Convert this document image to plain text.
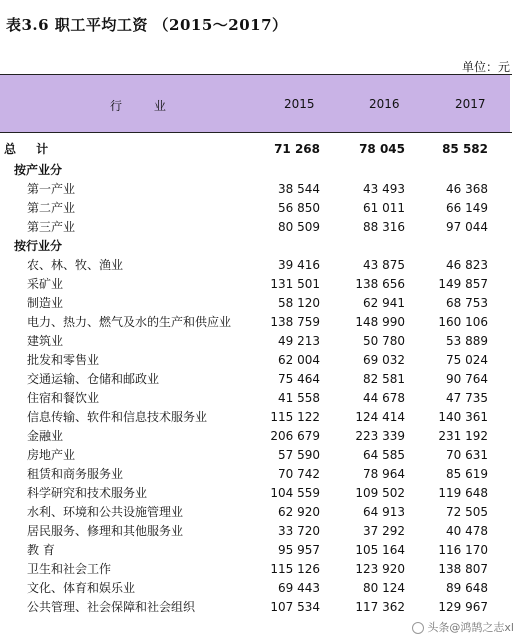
表3.6 职工平均工资 （2015～2017）
单位：元
行 业	2015	2016	2017
总 计	71 268	78 045	85 582
按产业分
第一产业	38 544	43 493	46 368
第二产业	56 850	61 011	66 149
第三产业	80 509	88 316	97 044
按行业分
农、林、牧、渔业	39 416	43 875	46 823
采矿业	131 501	138 656	149 857
制造业	58 120	62 941	68 753
电力、热力、燃气及水的生产和供应业	138 759	148 990	160 106
建筑业	49 213	50 780	53 889
批发和零售业	62 004	69 032	75 024
交通运输、仓储和邮政业	75 464	82 581	90 764
住宿和餐饮业	41 558	44 678	47 735
信息传输、软件和信息技术服务业	115 122	124 414	140 361
金融业	206 679	223 339	231 192
房地产业	57 590	64 585	70 631
租赁和商务服务业	70 742	78 964	85 619
科学研究和技术服务业	104 559	109 502	119 648
水利、环境和公共设施管理业	62 920	64 913	72 505
居民服务、修理和其他服务业	33 720	37 292	40 478
教 育	95 957	105 164	116 170
卫生和社会工作	115 126	123 920	138 807
文化、体育和娱乐业	69 443	80 124	89 648
公共管理、社会保障和社会组织	107 534	117 362	129 967
头条@鸿鹄之志xl
